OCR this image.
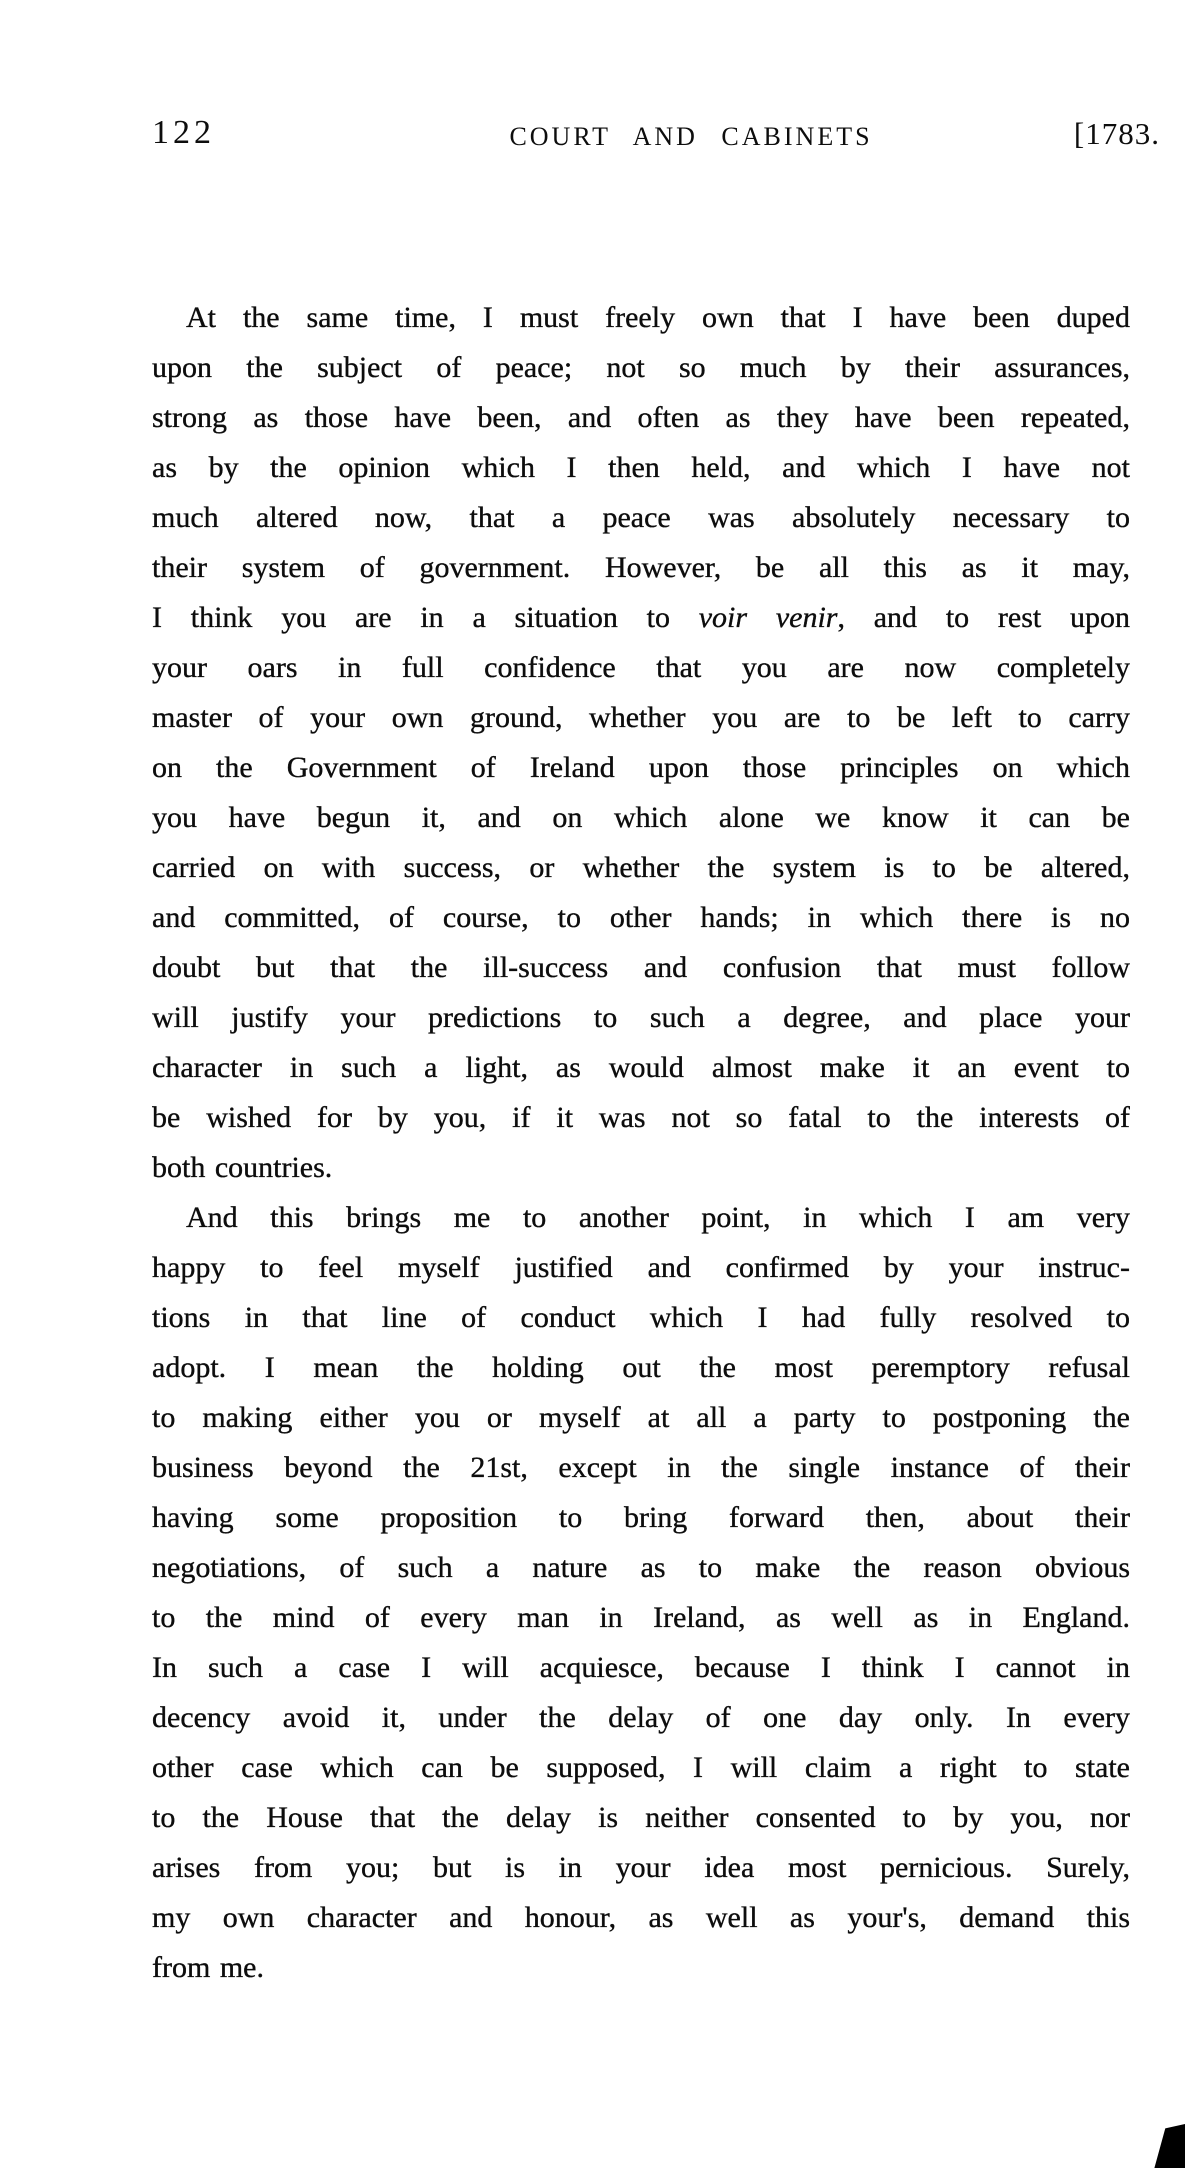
122	COURT AND CABINETS	[1783.
At the same time, I must freely own that I have been duped
upon the subject of peace; not so much by their assurances,
strong as those have been, and often as they have been repeated,
as by the opinion which I then held, and which I have not
much altered now, that a peace was absolutely necessary to
their system of government. However, be all this as it may,
I think you are in a situation to voir venir, and to rest upon
your oars in full confidence that you are now completely
master of your own ground, whether you are to be left to carry
on the Government of Ireland upon those principles on which
you have begun it, and on which alone we know it can be
carried on with success, or whether the system is to be altered,
and committed, of course, to other hands; in which there is no
doubt but that the ill-success and confusion that must follow
will justify your predictions to such a degree, and place your
character in such a light, as would almost make it an event to
be wished for by you, if it was not so fatal to the interests of
both countries.
And this brings me to another point, in which I am very
happy to feel myself justified and confirmed by your instruc-
tions in that line of conduct which I had fully resolved to
adopt. I mean the holding out the most peremptory refusal
to making either you or myself at all a party to postponing the
business beyond the 21st, except in the single instance of their
having some proposition to bring forward then, about their
negotiations, of such a nature as to make the reason obvious
to the mind of every man in Ireland, as well as in England.
In such a case I will acquiesce, because I think I cannot in
decency avoid it, under the delay of one day only. In every
other case which can be supposed, I will claim a right to state
to the House that the delay is neither consented to by you, nor
arises from you; but is in your idea most pernicious. Surely,
my own character and honour, as well as your's, demand this
from me.
